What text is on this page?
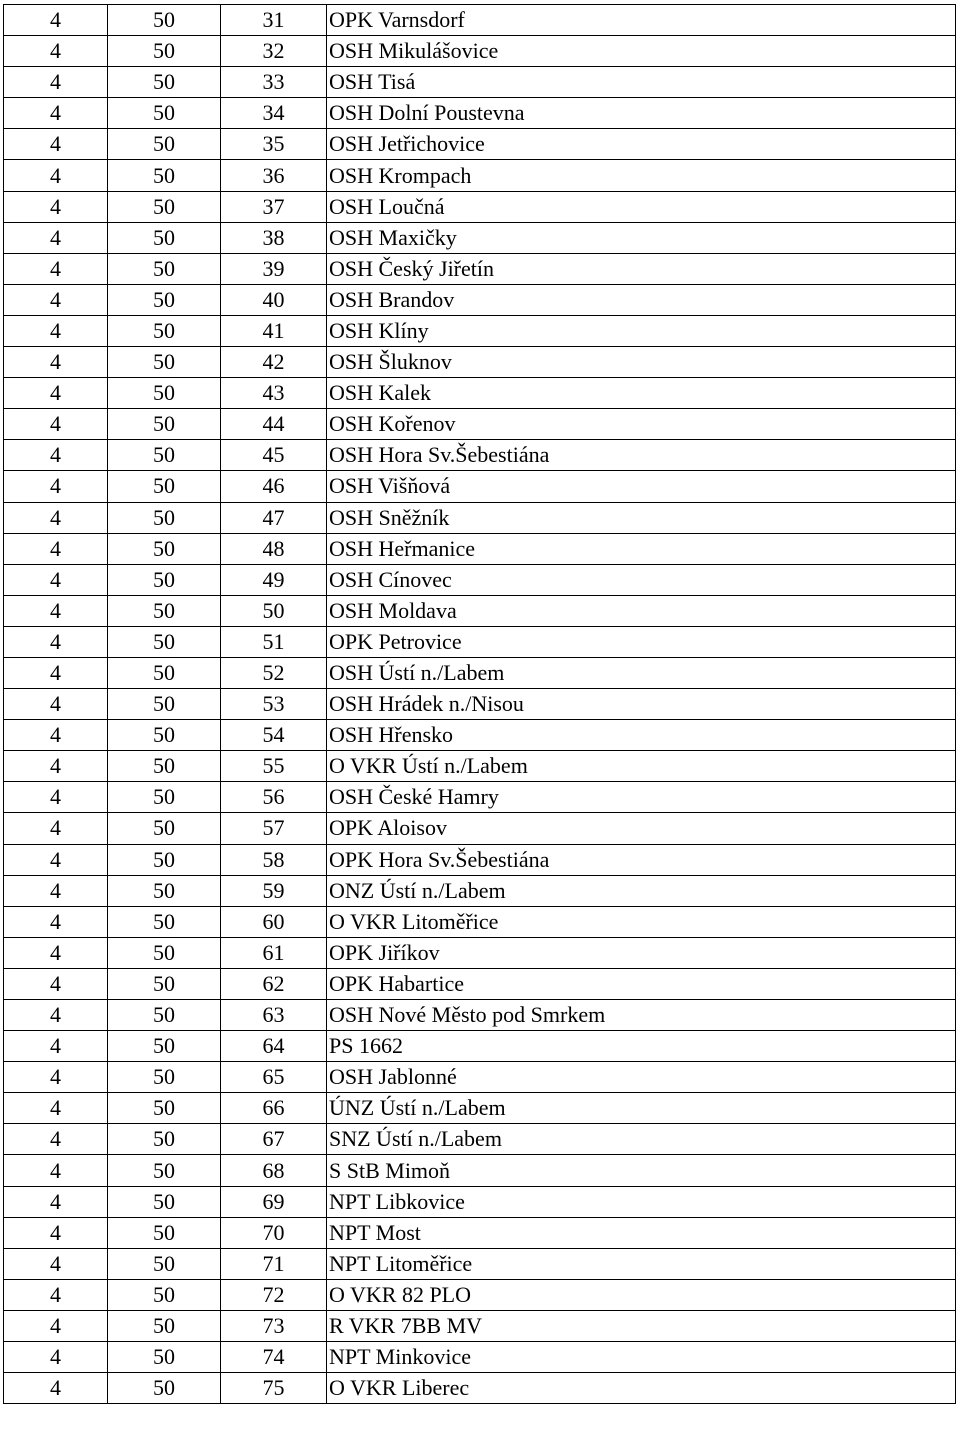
4	50	31	OPK Varnsdorf
4	50	32	OSH Mikulášovice
4	50	33	OSH Tisá
4	50	34	OSH Dolní Poustevna
4	50	35	OSH Jetřichovice
4	50	36	OSH Krompach
4	50	37	OSH Loučná
4	50	38	OSH Maxičky
4	50	39	OSH Český Jiřetín
4	50	40	OSH Brandov
4	50	41	OSH Klíny
4	50	42	OSH Šluknov
4	50	43	OSH Kalek
4	50	44	OSH Kořenov
4	50	45	OSH Hora Sv.Šebestiána
4	50	46	OSH Višňová
4	50	47	OSH Sněžník
4	50	48	OSH Heřmanice
4	50	49	OSH Cínovec
4	50	50	OSH Moldava
4	50	51	OPK Petrovice
4	50	52	OSH Ústí n./Labem
4	50	53	OSH Hrádek n./Nisou
4	50	54	OSH Hřensko
4	50	55	O VKR Ústí n./Labem
4	50	56	OSH České Hamry
4	50	57	OPK Aloisov
4	50	58	OPK Hora Sv.Šebestiána
4	50	59	ONZ Ústí n./Labem
4	50	60	O VKR Litoměřice
4	50	61	OPK Jiříkov
4	50	62	OPK Habartice
4	50	63	OSH Nové Město pod Smrkem
4	50	64	PS 1662
4	50	65	OSH Jablonné
4	50	66	ÚNZ Ústí n./Labem
4	50	67	SNZ Ústí n./Labem
4	50	68	S StB Mimoň
4	50	69	NPT Libkovice
4	50	70	NPT Most
4	50	71	NPT Litoměřice
4	50	72	O VKR 82 PLO
4	50	73	R VKR 7BB MV
4	50	74	NPT Minkovice
4	50	75	O VKR Liberec
